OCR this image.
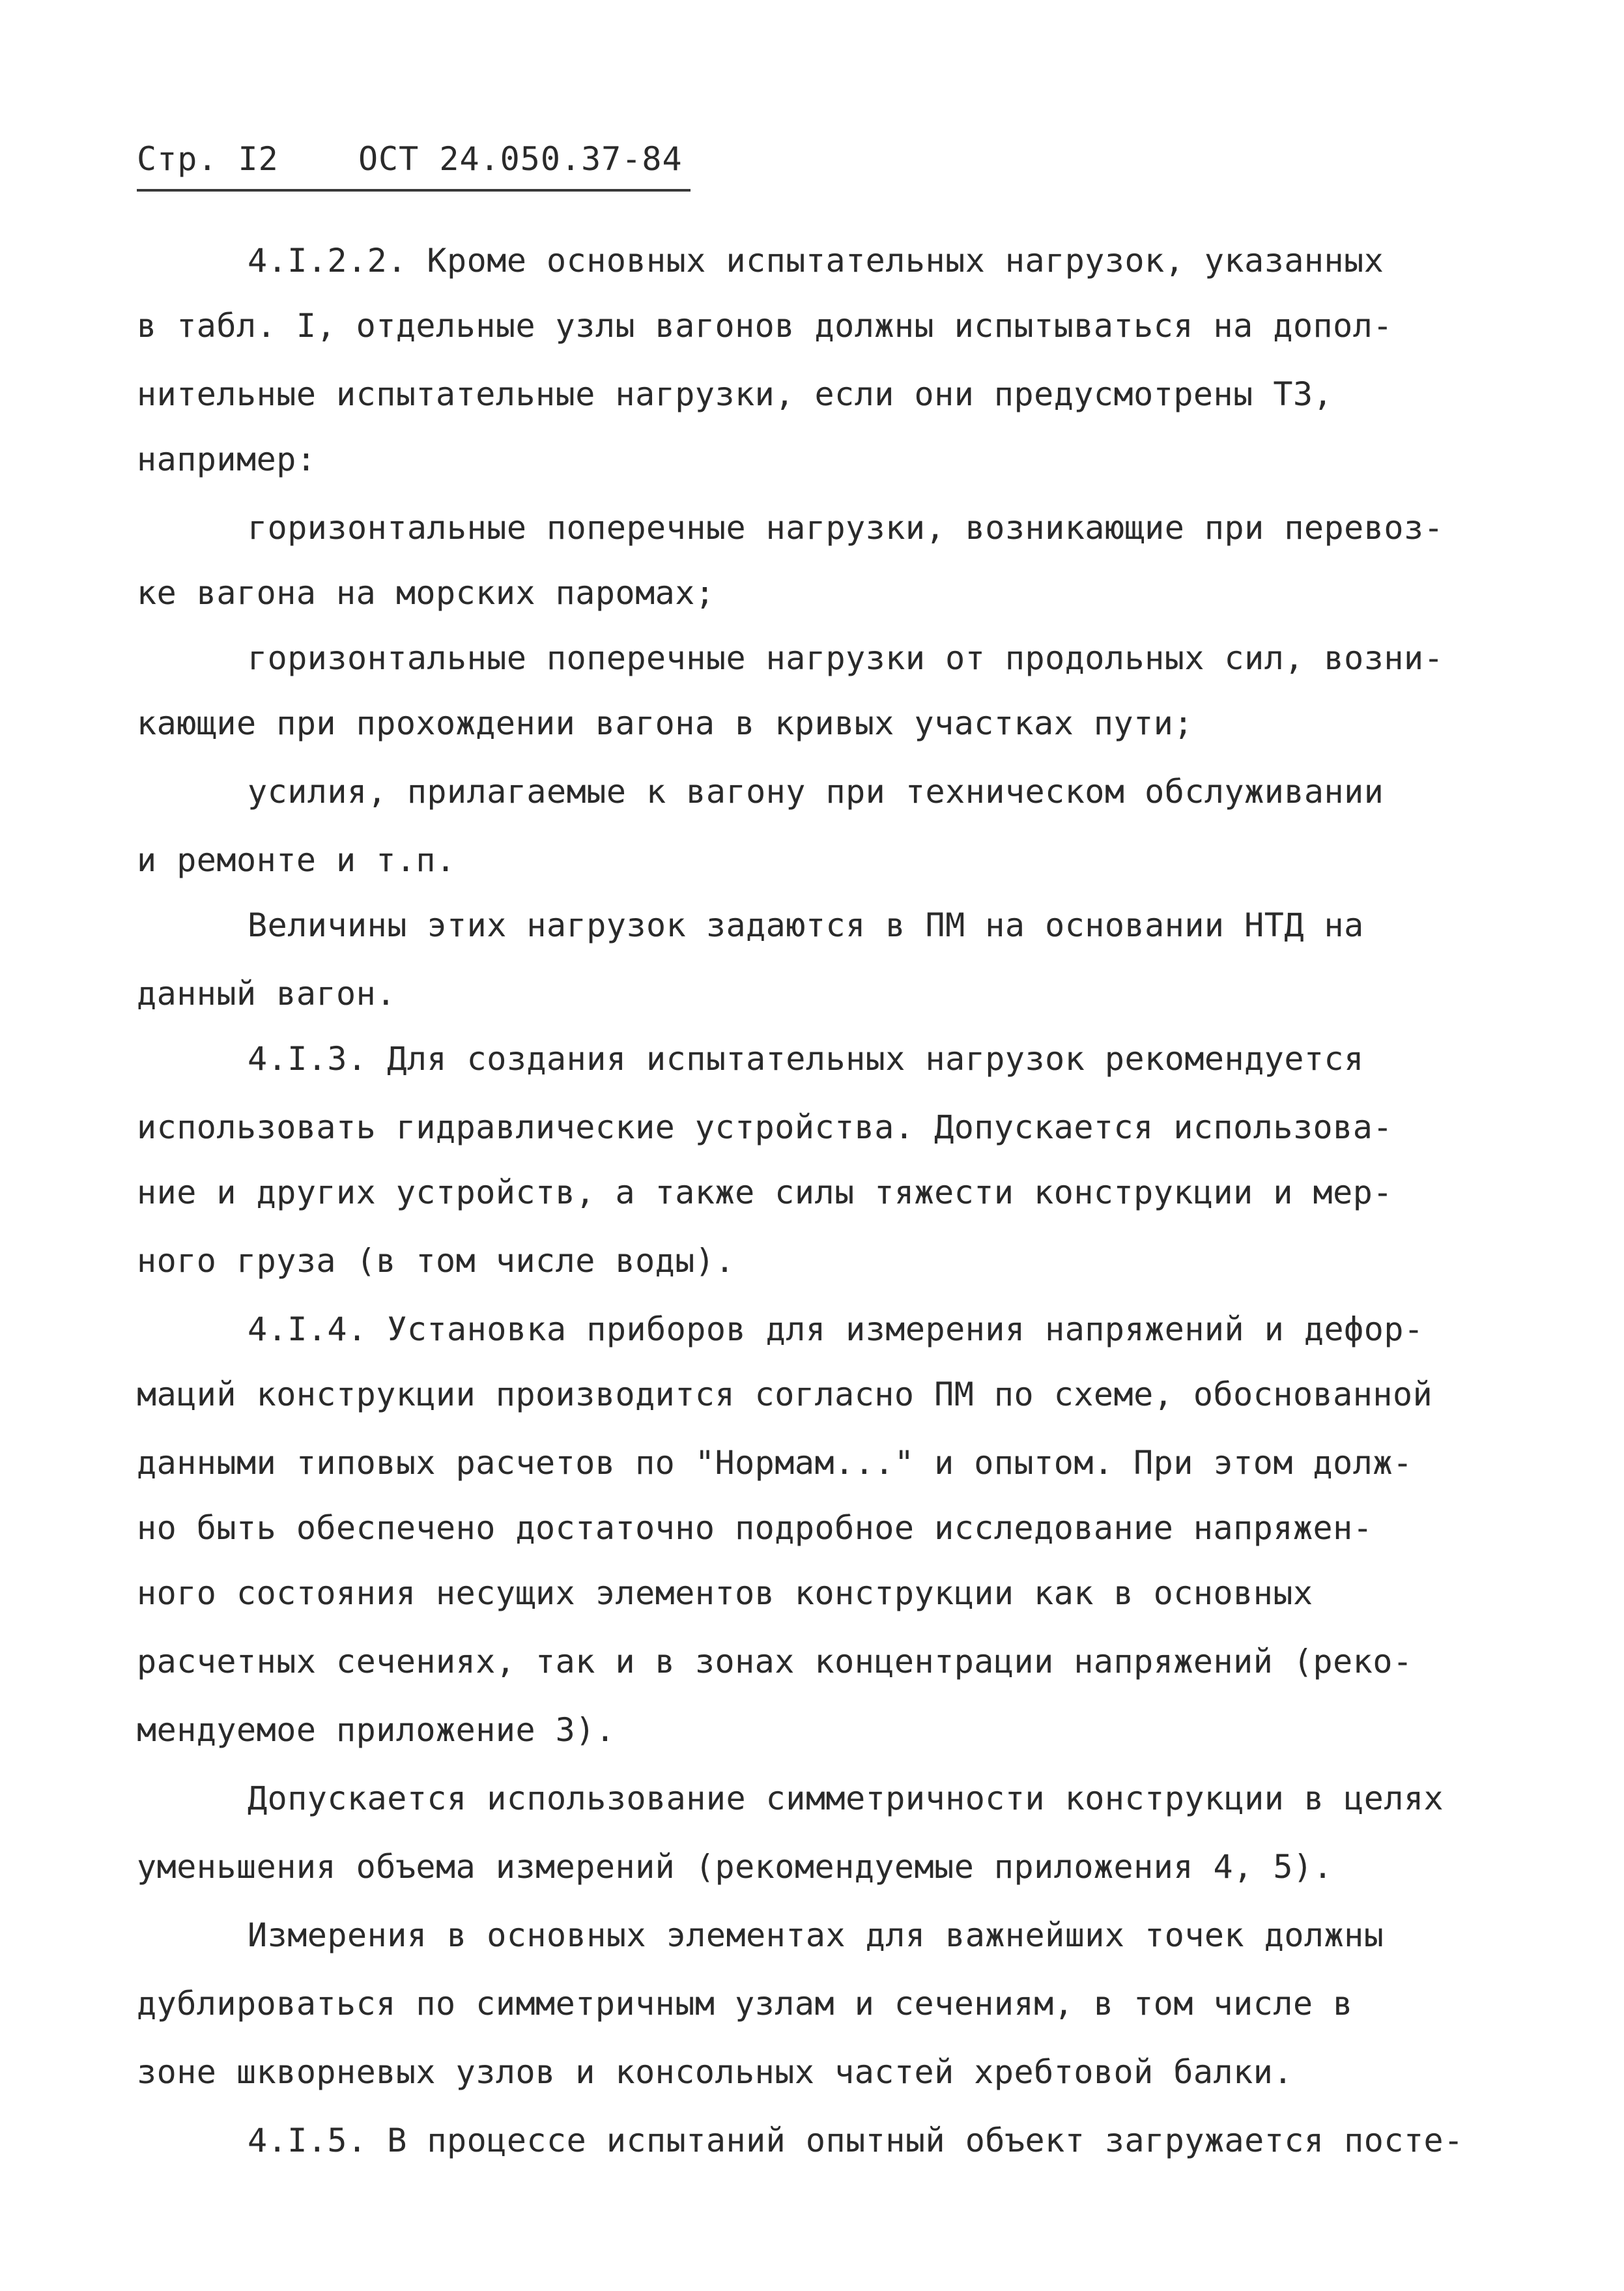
Стр. I2 ОСТ 24.050.37-84
4.I.2.2. Кроме основных испытательных нагрузок, указанных
в табл. I, отдельные узлы вагонов должны испытываться на допол-
нительные испытательные нагрузки, если они предусмотрены ТЗ,
например:
горизонтальные поперечные нагрузки, возникающие при перевоз-
ке вагона на морских паромах;
горизонтальные поперечные нагрузки от продольных сил, возни-
кающие при прохождении вагона в кривых участках пути;
усилия, прилагаемые к вагону при техническом обслуживании
и ремонте и т.п.
Величины этих нагрузок задаются в ПМ на основании НТД на
данный вагон.
4.I.3. Для создания испытательных нагрузок рекомендуется
использовать гидравлические устройства. Допускается использова-
ние и других устройств, а также силы тяжести конструкции и мер-
ного груза (в том числе воды).
4.I.4. Установка приборов для измерения напряжений и дефор-
маций конструкции производится согласно ПМ по схеме, обоснованной
данными типовых расчетов по "Нормам..." и опытом. При этом долж-
но быть обеспечено достаточно подробное исследование напряжен-
ного состояния несущих элементов конструкции как в основных
расчетных сечениях, так и в зонах концентрации напряжений (реко-
мендуемое приложение 3).
Допускается использование симметричности конструкции в целях
уменьшения объема измерений (рекомендуемые приложения 4, 5).
Измерения в основных элементах для важнейших точек должны
дублироваться по симметричным узлам и сечениям, в том числе в
зоне шкворневых узлов и консольных частей хребтовой балки.
4.I.5. В процессе испытаний опытный объект загружается посте-
